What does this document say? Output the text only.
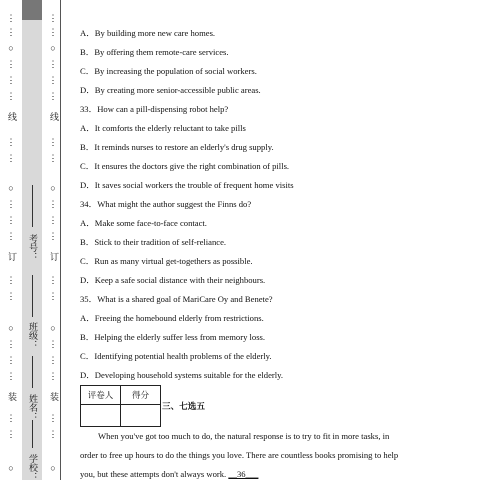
⋮
⋮
○
⋮
⋮
⋮
⋮
⋮
○
⋮
⋮
⋮
⋮
⋮
○
⋮
⋮
⋮
⋮
⋮
○
线
订
装
考号：
班级：
姓名：
学校：
⋮
⋮
○
⋮
⋮
⋮
⋮
⋮
○
⋮
⋮
⋮
⋮
⋮
○
⋮
⋮
⋮
⋮
⋮
○
线
订
装
A．By building more new care homes.
B．By offering them remote-care services.
C．By increasing the population of social workers.
D．By creating more senior-accessible public areas.
33．How can a pill-dispensing robot help?
A．It comforts the elderly reluctant to take pills
B．It reminds nurses to restore an elderly's drug supply.
C．It ensures the doctors give the right combination of pills.
D．It saves social workers the trouble of frequent home visits
34．What might the author suggest the Finns do?
A．Make some face-to-face contact.
B．Stick to their tradition of self-reliance.
C．Run as many virtual get-togethers as possible.
D．Keep a safe social distance with their neighbours.
35．What is a shared goal of MariCare Oy and Benete?
A．Freeing the homebound elderly from restrictions.
B．Helping the elderly suffer less from memory loss.
C．Identifying potential health problems of the elderly.
D．Developing household systems suitable for the elderly.
评卷人	得分

三、七选五
When you've got too much to do, the natural response is to try to fit in more tasks, in
order to free up hours to do the things you love. There are countless books promising to help
you, but these attempts don't always work. __36___
